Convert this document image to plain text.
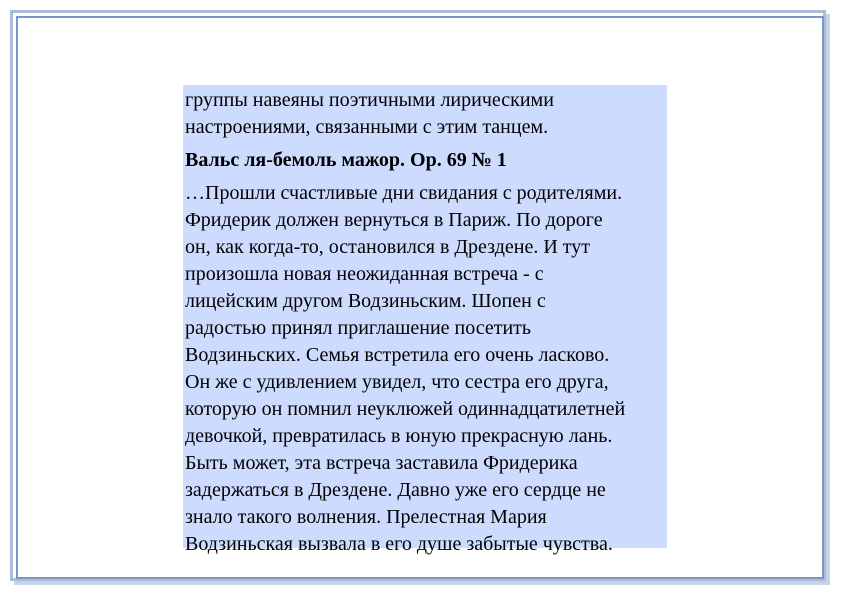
группы навеяны поэтичными лирическими
настроениями, связанными с этим танцем.

Вальс ля-бемоль мажор. Op. 69 № 1

…Прошли счастливые дни свидания с родителями.
Фридерик должен вернуться в Париж. По дороге
он, как когда-то, остановился в Дрездене. И тут
произошла новая неожиданная встреча - с
лицейским другом Водзиньским. Шопен с
радостью принял приглашение посетить
Водзиньских. Семья встретила его очень ласково.
Он же с удивлением увидел, что сестра его друга,
которую он помнил неуклюжей одиннадцатилетней
девочкой, превратилась в юную прекрасную лань.
Быть может, эта встреча заставила Фридерика
задержаться в Дрездене. Давно уже его сердце не
знало такого волнения. Прелестная Мария
Водзиньская вызвала в его душе забытые чувства.
